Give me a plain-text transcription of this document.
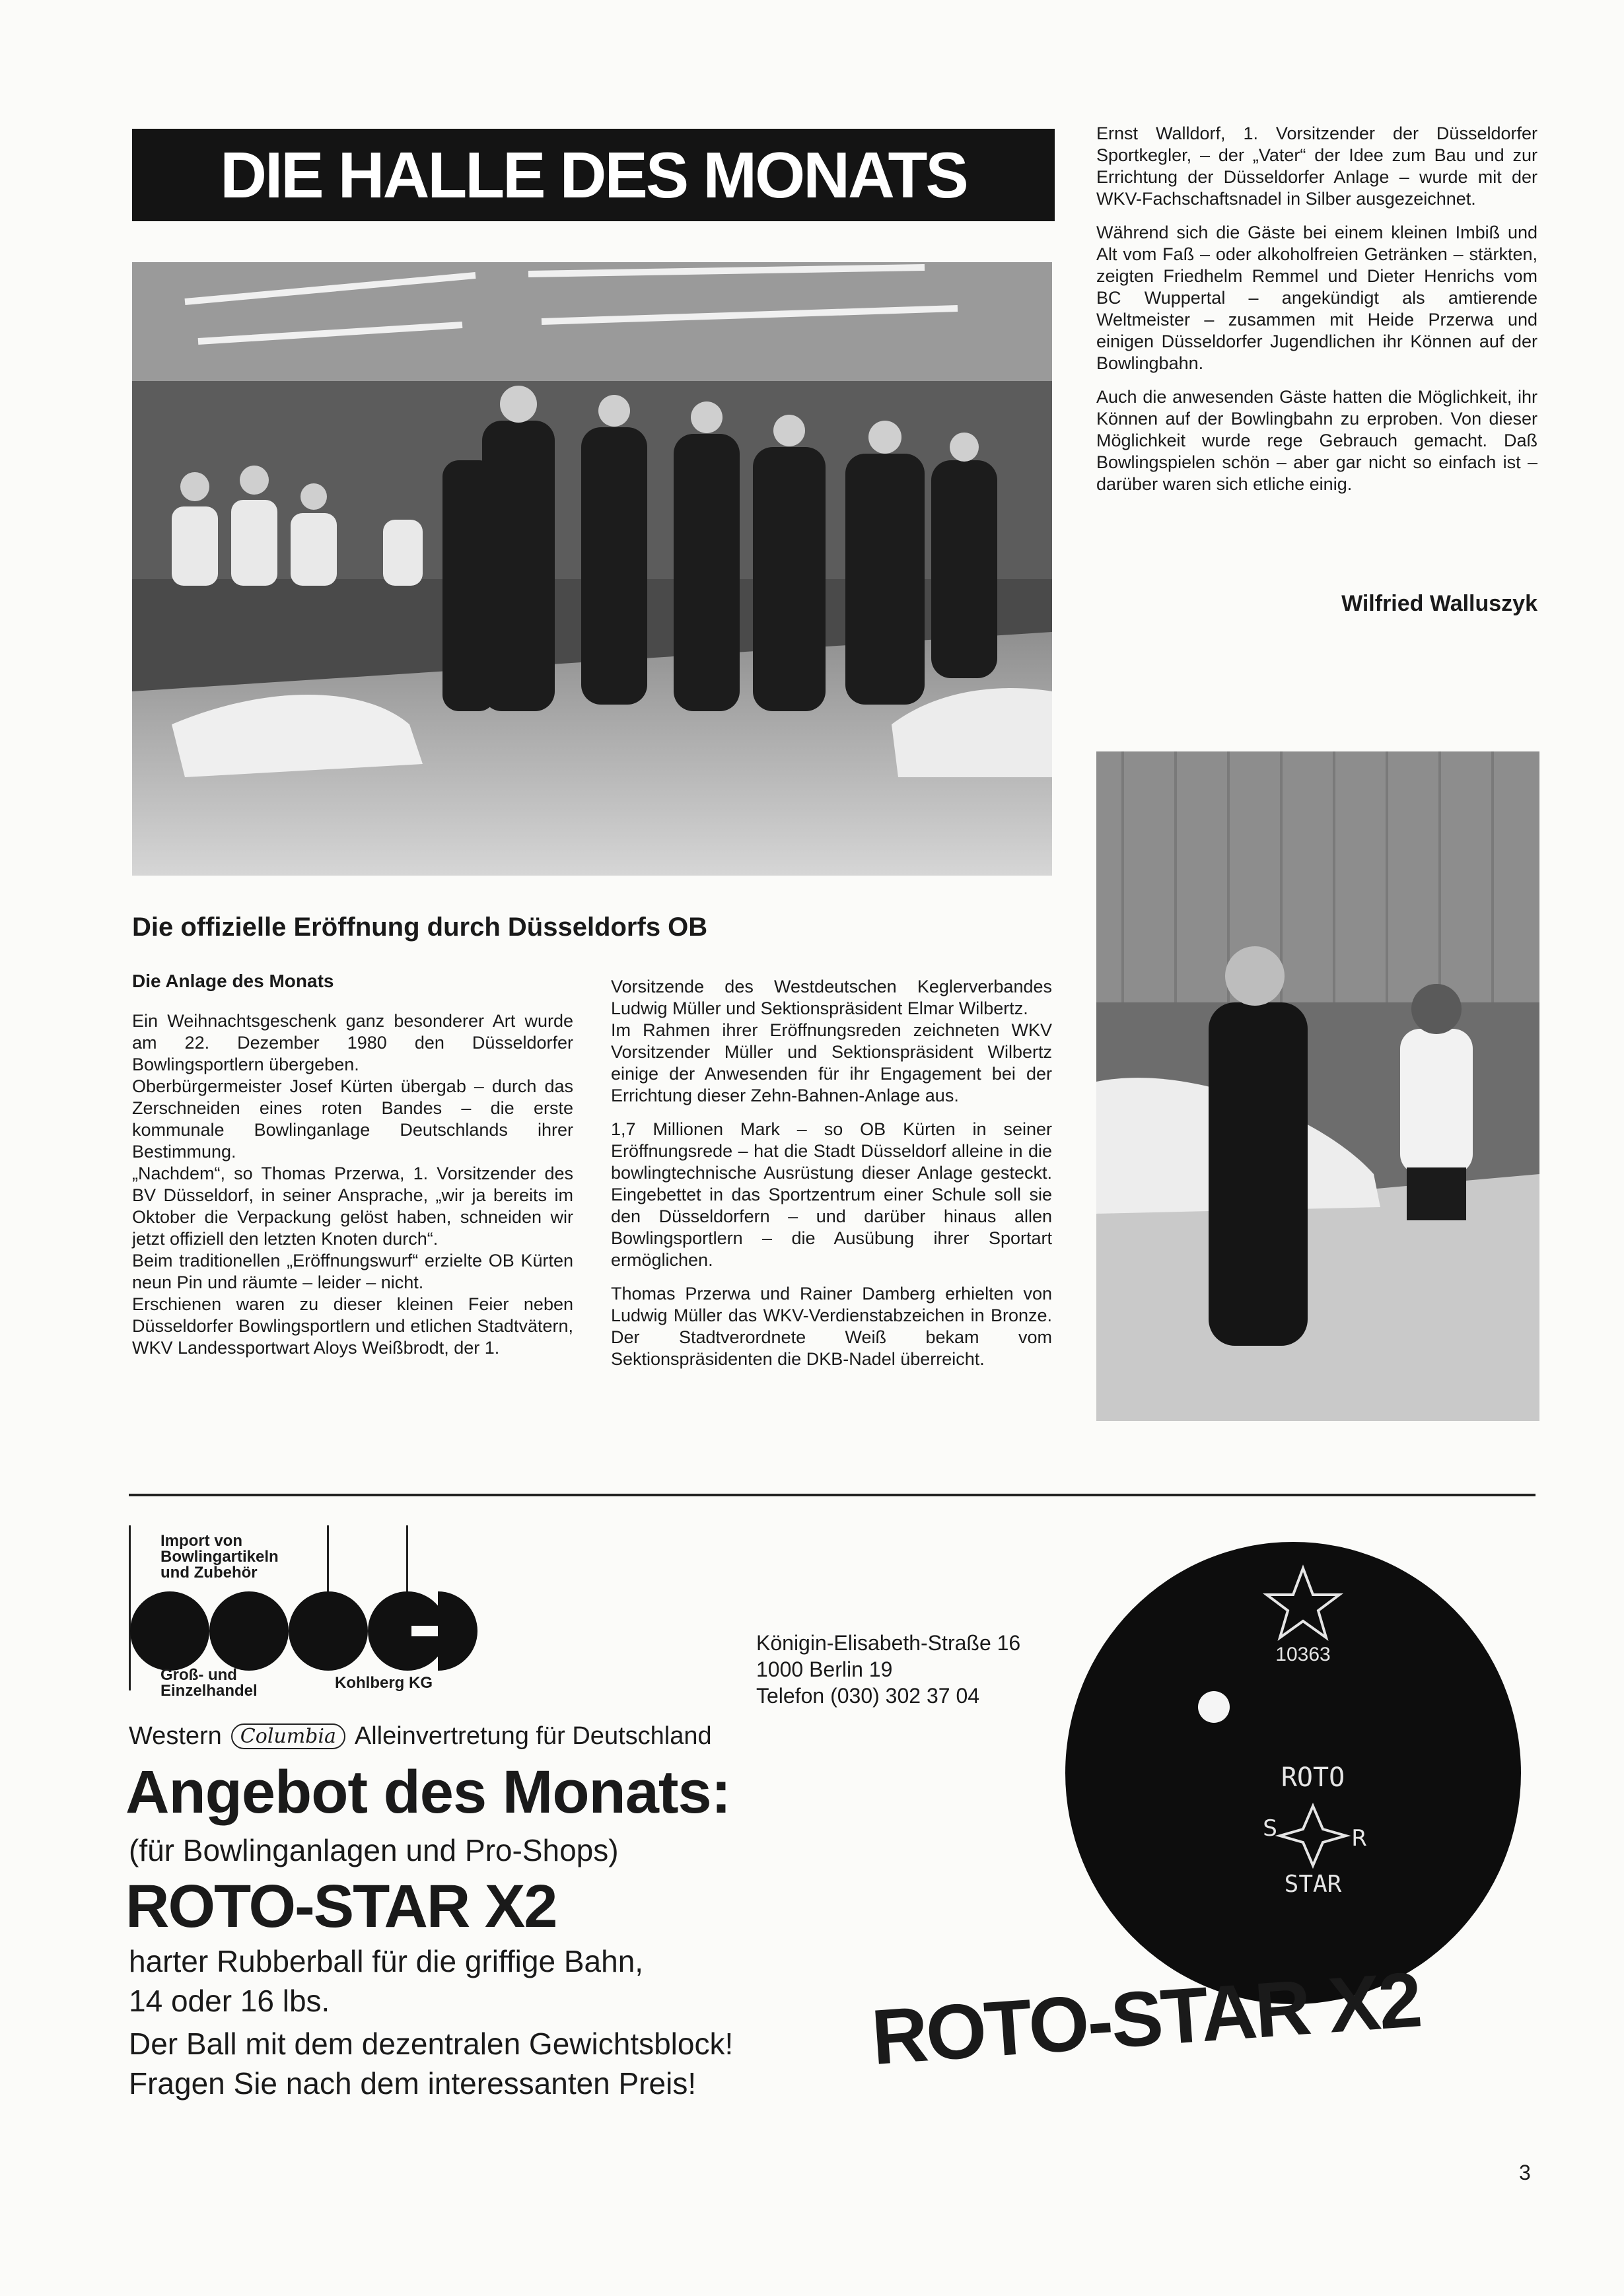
DIE HALLE DES MONATS

Ernst Walldorf, 1. Vorsitzender der Düsseldorfer Sportkegler, – der „Vater“ der Idee zum Bau und zur Errichtung der Düsseldorfer Anlage – wurde mit der WKV-Fachschaftsnadel in Silber ausgezeichnet.

Während sich die Gäste bei einem kleinen Imbiß und Alt vom Faß – oder alkoholfreien Getränken – stärkten, zeigten Friedhelm Remmel und Dieter Henrichs vom BC Wuppertal – angekündigt als amtierende Weltmeister – zusammen mit Heide Przerwa und einigen Düsseldorfer Jugendlichen ihr Können auf der Bowlingbahn.

Auch die anwesenden Gäste hatten die Möglichkeit, ihr Können auf der Bowlingbahn zu erproben. Von dieser Möglichkeit wurde rege Gebrauch gemacht. Daß Bowlingspielen schön – aber gar nicht so einfach ist – darüber waren sich etliche einig.

Wilfried Walluszyk
Die offizielle Eröffnung durch Düsseldorfs OB
Die Anlage des Monats

Ein Weihnachtsgeschenk ganz besonderer Art wurde am 22. Dezember 1980 den Düsseldorfer Bowlingsportlern übergeben.

Oberbürgermeister Josef Kürten übergab – durch das Zerschneiden eines roten Bandes – die erste kommunale Bowlinganlage Deutschlands ihrer Bestimmung.

„Nachdem“, so Thomas Przerwa, 1. Vorsitzender des BV Düsseldorf, in seiner Ansprache, „wir ja bereits im Oktober die Verpackung gelöst haben, schneiden wir jetzt offiziell den letzten Knoten durch“.

Beim traditionellen „Eröffnungswurf“ erzielte OB Kürten neun Pin und räumte – leider – nicht.

Erschienen waren zu dieser kleinen Feier neben Düsseldorfer Bowlingsportlern und etlichen Stadtvätern, WKV Landessportwart Aloys Weißbrodt, der 1.

Vorsitzende des Westdeutschen Keglerverbandes Ludwig Müller und Sektionspräsident Elmar Wilbertz.

Im Rahmen ihrer Eröffnungsreden zeichneten WKV Vorsitzender Müller und Sektionspräsident Wilbertz einige der Anwesenden für ihr Engagement bei der Errichtung dieser Zehn-Bahnen-Anlage aus.

1,7 Millionen Mark – so OB Kürten in seiner Eröffnungsrede – hat die Stadt Düsseldorf alleine in die bowlingtechnische Ausrüstung dieser Anlage gesteckt. Eingebettet in das Sportzentrum einer Schule soll sie den Düsseldorfern – und darüber hinaus allen Bowlingsportlern – die Ausübung ihrer Sportart ermöglichen.

Thomas Przerwa und Rainer Damberg erhielten von Ludwig Müller das WKV-Verdienstabzeichen in Bronze. Der Stadtverordnete Weiß bekam vom Sektionspräsidenten die DKB-Nadel überreicht.

Import von
Bowlingartikeln
und Zubehör
Groß- und
Einzelhandel	Kohlberg KG
Königin-Elisabeth-Straße 16
1000 Berlin 19
Telefon (030) 302 37 04
Western Columbia Alleinvertretung für Deutschland
Angebot des Monats:
(für Bowlinganlagen und Pro-Shops)
ROTO-STAR X2
harter Rubberball für die griffige Bahn,
14 oder 16 lbs.
Der Ball mit dem dezentralen Gewichtsblock!
Fragen Sie nach dem interessanten Preis!
10363
ROTO
S	R
STAR
ROTO-STAR X2
3
